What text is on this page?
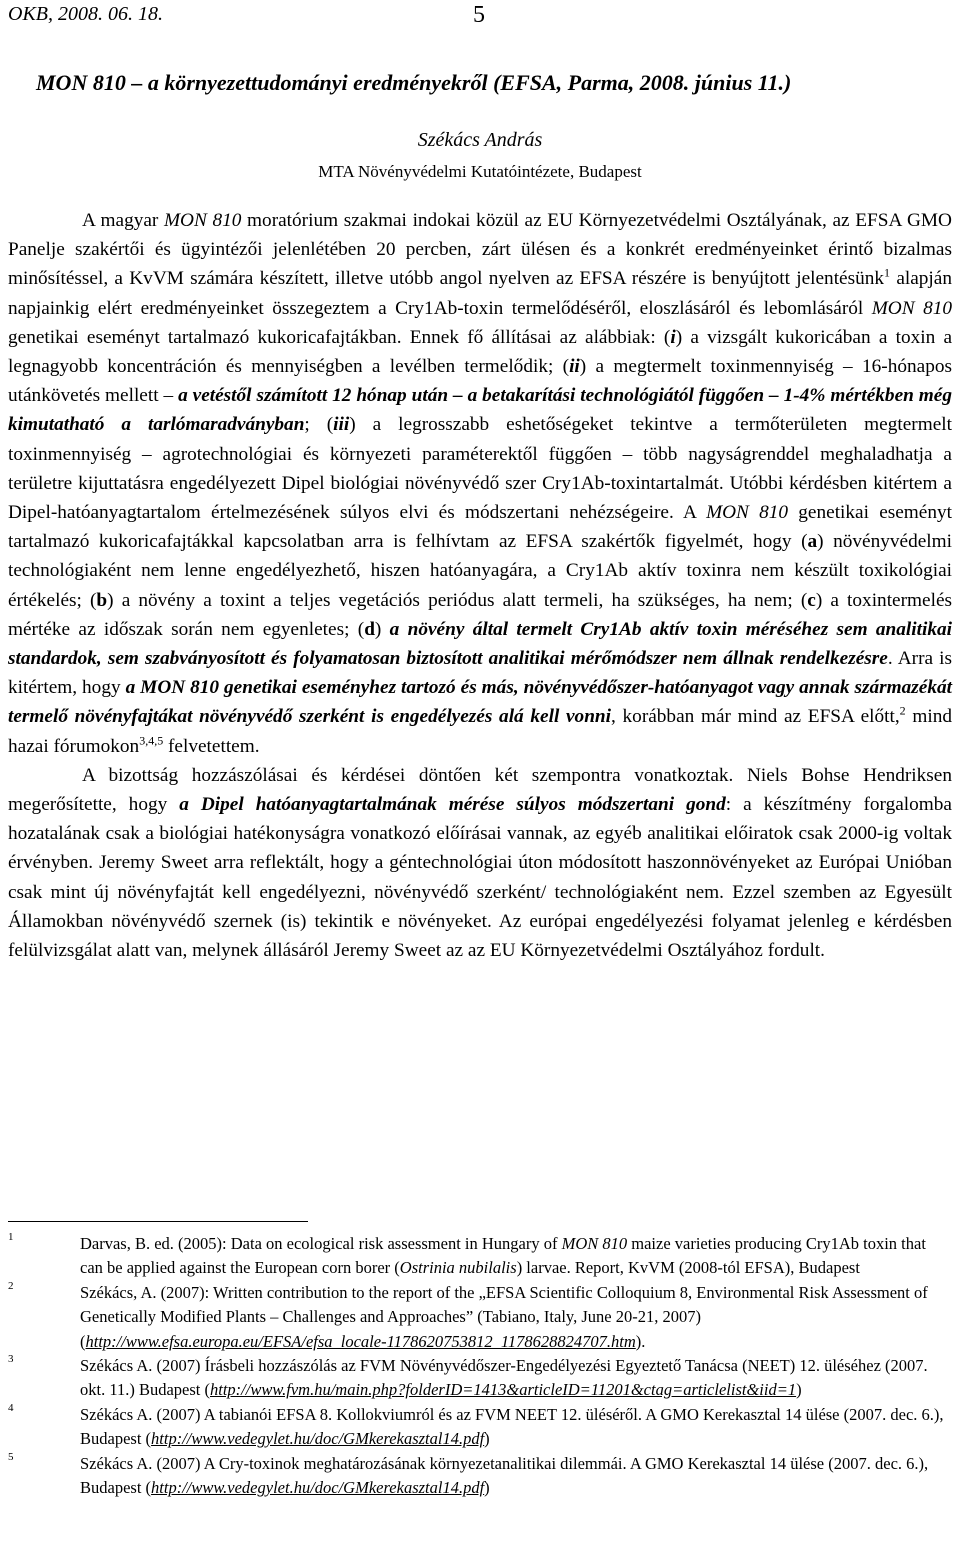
OKB, 2008. 06. 18.	5
MON 810 – a környezettudományi eredményekről (EFSA, Parma, 2008. június 11.)
Székács András
MTA Növényvédelmi Kutatóintézete, Budapest

A magyar MON 810 moratórium szakmai indokai közül az EU Környezetvédelmi Osztályának, az EFSA GMO Panelje szakértői és ügyintézői jelenlétében 20 percben, zárt ülésen és a konkrét eredményeinket érintő bizalmas minősítéssel, a KvVM számára készített, illetve utóbb angol nyelven az EFSA részére is benyújtott jelentésünk$^1$ alapján napjainkig elért eredményeinket összegeztem a Cry1Ab-toxin termelődéséről, eloszlásáról és lebomlásáról MON 810 genetikai eseményt tartalmazó kukoricafajtákban. Ennek fő állításai az alábbiak: (i) a vizsgált kukoricában a toxin a legnagyobb koncentráción és mennyiségben a levélben termelődik; (ii) a megtermelt toxinmennyiség – 16-hónapos utánkövetés mellett – a vetéstől számított 12 hónap után – a betakarítási technológiától függően – 1-4% mértékben még kimutatható a tarlómaradványban; (iii) a legrosszabb eshetőségeket tekintve a termőterületen megtermelt toxinmennyiség – agrotechnológiai és környezeti paraméterektől függően – több nagyságrenddel meghaladhatja a területre kijuttatásra engedélyezett Dipel biológiai növényvédő szer Cry1Ab-toxintartalmát. Utóbbi kérdésben kitértem a Dipel-hatóanyagtartalom értelmezésének súlyos elvi és módszertani nehézségeire. A MON 810 genetikai eseményt tartalmazó kukoricafajtákkal kapcsolatban arra is felhívtam az EFSA szakértők figyelmét, hogy (a) növényvédelmi technológiaként nem lenne engedélyezhető, hiszen hatóanyagára, a Cry1Ab aktív toxinra nem készült toxikológiai értékelés; (b) a növény a toxint a teljes vegetációs periódus alatt termeli, ha szükséges, ha nem; (c) a toxintermelés mértéke az időszak során nem egyenletes; (d) a növény által termelt Cry1Ab aktív toxin méréséhez sem analitikai standardok, sem szabványosított és folyamatosan biztosított analitikai mérőmódszer nem állnak rendelkezésre. Arra is kitértem, hogy a MON 810 genetikai eseményhez tartozó és más, növényvédőszer-hatóanyagot vagy annak származékát termelő növényfajtákat növényvédő szerként is engedélyezés alá kell vonni, korábban már mind az EFSA előtt,$^2$ mind hazai fórumokon$^{3,4,5}$ felvetettem.

A bizottság hozzászólásai és kérdései döntően két szempontra vonatkoztak. Niels Bohse Hendriksen megerősítette, hogy a Dipel hatóanyagtartalmának mérése súlyos módszertani gond: a készítmény forgalomba hozatalának csak a biológiai hatékonyságra vonatkozó előírásai vannak, az egyéb analitikai előiratok csak 2000-ig voltak érvényben. Jeremy Sweet arra reflektált, hogy a géntechnológiai úton módosított haszonnövényeket az Európai Unióban csak mint új növényfajtát kell engedélyezni, növényvédő szerként/ technológiaként nem. Ezzel szemben az Egyesült Államokban növényvédő szernek (is) tekintik e növényeket. Az európai engedélyezési folyamat jelenleg e kérdésben felülvizsgálat alatt van, melynek állásáról Jeremy Sweet az az EU Környezetvédelmi Osztályához fordult.

1	Darvas, B. ed. (2005): Data on ecological risk assessment in Hungary of MON 810 maize varieties producing Cry1Ab toxin that can be applied against the European corn borer (Ostrinia nubilalis) larvae. Report, KvVM (2008-tól EFSA), Budapest
2	Székács, A. (2007): Written contribution to the report of the „EFSA Scientific Colloquium 8, Environmental Risk Assessment of Genetically Modified Plants – Challenges and Approaches” (Tabiano, Italy, June 20-21, 2007) (http://www.efsa.europa.eu/EFSA/efsa_locale-1178620753812_1178628824707.htm).
3	Székács A. (2007) Írásbeli hozzászólás az FVM Növényvédőszer-Engedélyezési Egyeztető Tanácsa (NEET) 12. üléséhez (2007. okt. 11.) Budapest (http://www.fvm.hu/main.php?folderID=1413&articleID=11201&ctag=articlelist&iid=1)
4	Székács A. (2007) A tabianói EFSA 8. Kollokviumról és az FVM NEET 12. üléséről. A GMO Kerekasztal 14 ülése (2007. dec. 6.), Budapest (http://www.vedegylet.hu/doc/GMkerekasztal14.pdf)
5	Székács A. (2007) A Cry-toxinok meghatározásának környezetanalitikai dilemmái. A GMO Kerekasztal 14 ülése (2007. dec. 6.), Budapest (http://www.vedegylet.hu/doc/GMkerekasztal14.pdf)
